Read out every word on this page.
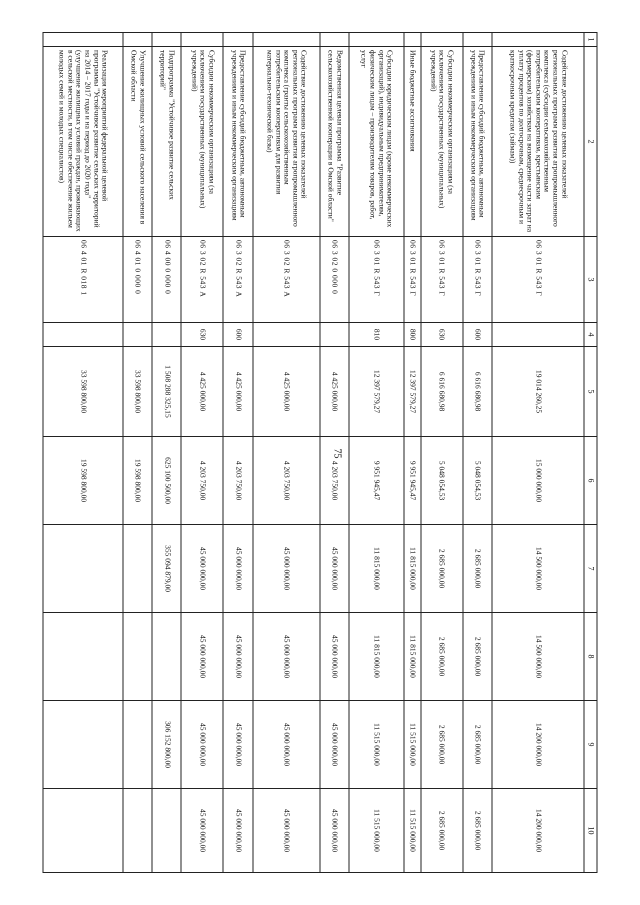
75
1	2	3	4	5	6	7	8	9	10
	Содействие достижению целевых показателей региональных программ развития агропромышленного комплекса (субсидии сельскохозяйственным потребительским кооперативам, крестьянским (фермерским) хозяйствам на возмещение части затрат на уплату процентов по долгосрочным, среднесрочным и краткосрочным кредитам (займам))	06 3 01 R 543 Г		19 014 260,25	15 000 000,00	14 500 000,00	14 500 000,00	14 200 000,00	14 200 000,00
	Предоставление субсидий бюджетным, автономным учреждениям и иным некоммерческим организациям	06 3 01 R 543 Г	600	6 616 680,98	5 048 054,53	2 685 000,00	2 685 000,00	2 685 000,00	2 685 000,00
	Субсидии некоммерческим организациям (за исключением государственных (муниципальных) учреждений)	06 3 01 R 543 Г	630	6 616 680,98	5 048 054,53	2 685 000,00	2 685 000,00	2 685 000,00	2 685 000,00
	Иные бюджетные ассигнования	06 3 01 R 543 Г	800	12 397 579,27	9 951 945,47	11 815 000,00	11 815 000,00	11 515 000,00	11 515 000,00
	Субсидии юридическим лицам (кроме некоммерческих организаций), индивидуальным предпринимателям, физическим лицам – производителям товаров, работ, услуг	06 3 01 R 543 Г	810	12 397 579,27	9 951 945,47	11 815 000,00	11 815 000,00	11 515 000,00	11 515 000,00
	Ведомственная целевая программа "Развитие сельскохозяйственной кооперации в Омской области"	06 3 02 0 000 0		4 425 000,00	4 203 750,00	45 000 000,00	45 000 000,00	45 000 000,00	45 000 000,00
	Содействие достижению целевых показателей региональных программ развития агропромышленного комплекса (гранты сельскохозяйственным потребительским кооперативам для развития материально-технической базы)	06 3 02 R 543 А		4 425 000,00	4 203 750,00	45 000 000,00	45 000 000,00	45 000 000,00	45 000 000,00
	Предоставление субсидий бюджетным, автономным учреждениям и иным некоммерческим организациям	06 3 02 R 543 А	600	4 425 000,00	4 203 750,00	45 000 000,00	45 000 000,00	45 000 000,00	45 000 000,00
	Субсидии некоммерческим организациям (за исключением государственных (муниципальных) учреждений)	06 3 02 R 543 А	630	4 425 000,00	4 203 750,00	45 000 000,00	45 000 000,00	45 000 000,00	45 000 000,00
	Подпрограмма "Устойчивое развитие сельских территорий"	06 4 00 0 000 0		1 508 288 325,15	625 100 500,00	355 094 879,00		306 152 800,00	
	Улучшение жилищных условий сельского населения в Омской области	06 4 01 0 000 0		33 598 800,00	19 598 800,00				
	Реализация мероприятий федеральной целевой программы "Устойчивое развитие сельских территорий на 2014 – 2017 годы и на период до 2020 года" (улучшение жилищных условий граждан, проживающих в сельской местности, в том числе обеспечение жильем молодых семей и молодых специалистов)	06 4 01 R 018 1		33 598 800,00	19 598 800,00				
